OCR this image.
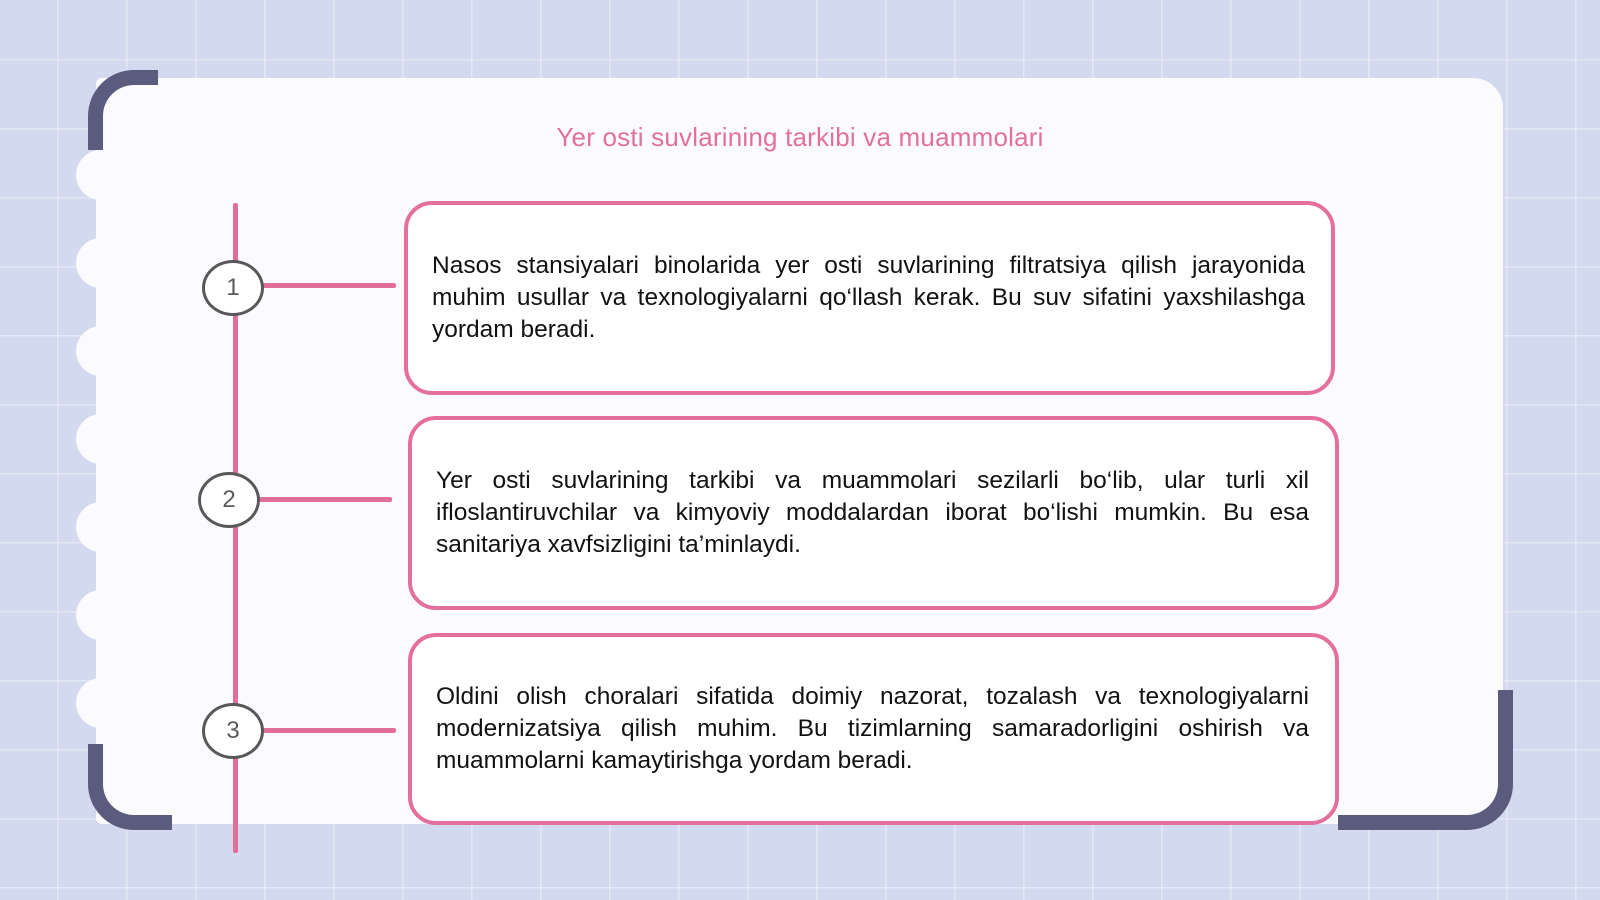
Yer osti suvlarining tarkibi va muammolari
1
2
3

Nasos stansiyalari binolarida yer osti suvlarining filtratsiya qilish jarayonida muhim usullar va texnologiyalarni qo‘llash kerak. Bu suv sifatini yaxshilashga yordam beradi.

Yer osti suvlarining tarkibi va muammolari sezilarli bo‘lib, ular turli xil ifloslantiruvchilar va kimyoviy moddalardan iborat bo‘lishi mumkin. Bu esa sanitariya xavfsizligini ta’minlaydi.

Oldini olish choralari sifatida doimiy nazorat, tozalash va texnologiyalarni modernizatsiya qilish muhim. Bu tizimlarning samaradorligini oshirish va muammolarni kamaytirishga yordam beradi.
